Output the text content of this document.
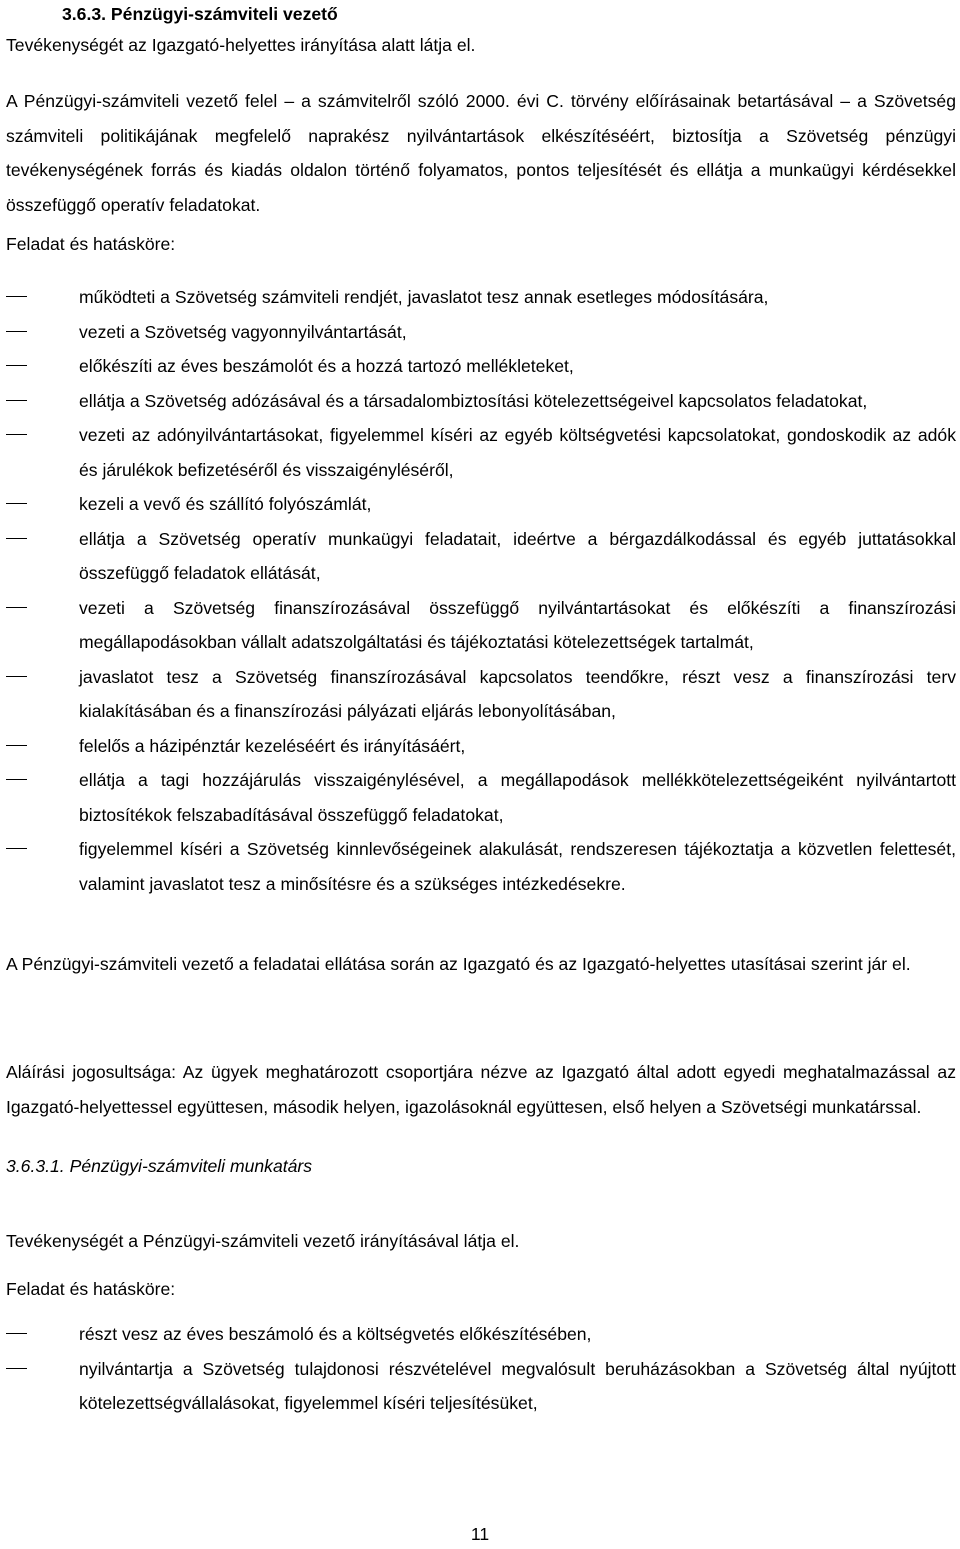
3.6.3. Pénzügyi-számviteli vezető
Tevékenységét az Igazgató-helyettes irányítása alatt látja el.
A Pénzügyi-számviteli vezető felel – a számvitelről szóló 2000. évi C. törvény előírásainak betartásával – a Szövetség számviteli politikájának megfelelő naprakész nyilvántartások elkészítéséért, biztosítja a Szövetség pénzügyi tevékenységének forrás és kiadás oldalon történő folyamatos, pontos teljesítését és ellátja a munkaügyi kérdésekkel összefüggő operatív feladatokat.
Feladat és hatásköre:
működteti a Szövetség számviteli rendjét, javaslatot tesz annak esetleges módosítására,
vezeti a Szövetség vagyonnyilvántartását,
előkészíti az éves beszámolót és a hozzá tartozó mellékleteket,
ellátja a Szövetség adózásával és a társadalombiztosítási kötelezettségeivel kapcsolatos feladatokat,
vezeti az adónyilvántartásokat, figyelemmel kíséri az egyéb költségvetési kapcsolatokat, gondoskodik az adók és járulékok befizetéséről és visszaigényléséről,
kezeli a vevő és szállító folyószámlát,
ellátja a Szövetség operatív munkaügyi feladatait, ideértve a bérgazdálkodással és egyéb juttatásokkal összefüggő feladatok ellátását,
vezeti a Szövetség finanszírozásával összefüggő nyilvántartásokat és előkészíti a finanszírozási megállapodásokban vállalt adatszolgáltatási és tájékoztatási kötelezettségek tartalmát,
javaslatot tesz a Szövetség finanszírozásával kapcsolatos teendőkre, részt vesz a finanszírozási terv kialakításában és a finanszírozási pályázati eljárás lebonyolításában,
felelős a házipénztár kezeléséért és irányításáért,
ellátja a tagi hozzájárulás visszaigénylésével, a megállapodások mellékkötelezettségeiként nyilvántartott biztosítékok felszabadításával összefüggő feladatokat,
figyelemmel kíséri a Szövetség kinnlevőségeinek alakulását, rendszeresen tájékoztatja a közvetlen felettesét, valamint javaslatot tesz a minősítésre és a szükséges intézkedésekre.
A Pénzügyi-számviteli vezető a feladatai ellátása során az Igazgató és az Igazgató-helyettes utasításai szerint jár el.
Aláírási jogosultsága: Az ügyek meghatározott csoportjára nézve az Igazgató által adott egyedi meghatalmazással az Igazgató-helyettessel együttesen, második helyen, igazolásoknál együttesen, első helyen a Szövetségi munkatárssal.
3.6.3.1. Pénzügyi-számviteli munkatárs
Tevékenységét a Pénzügyi-számviteli vezető irányításával látja el.
Feladat és hatásköre:
részt vesz az éves beszámoló és a költségvetés előkészítésében,
nyilvántartja a Szövetség tulajdonosi részvételével megvalósult beruházásokban a Szövetség által nyújtott kötelezettségvállalásokat, figyelemmel kíséri teljesítésüket,
11
